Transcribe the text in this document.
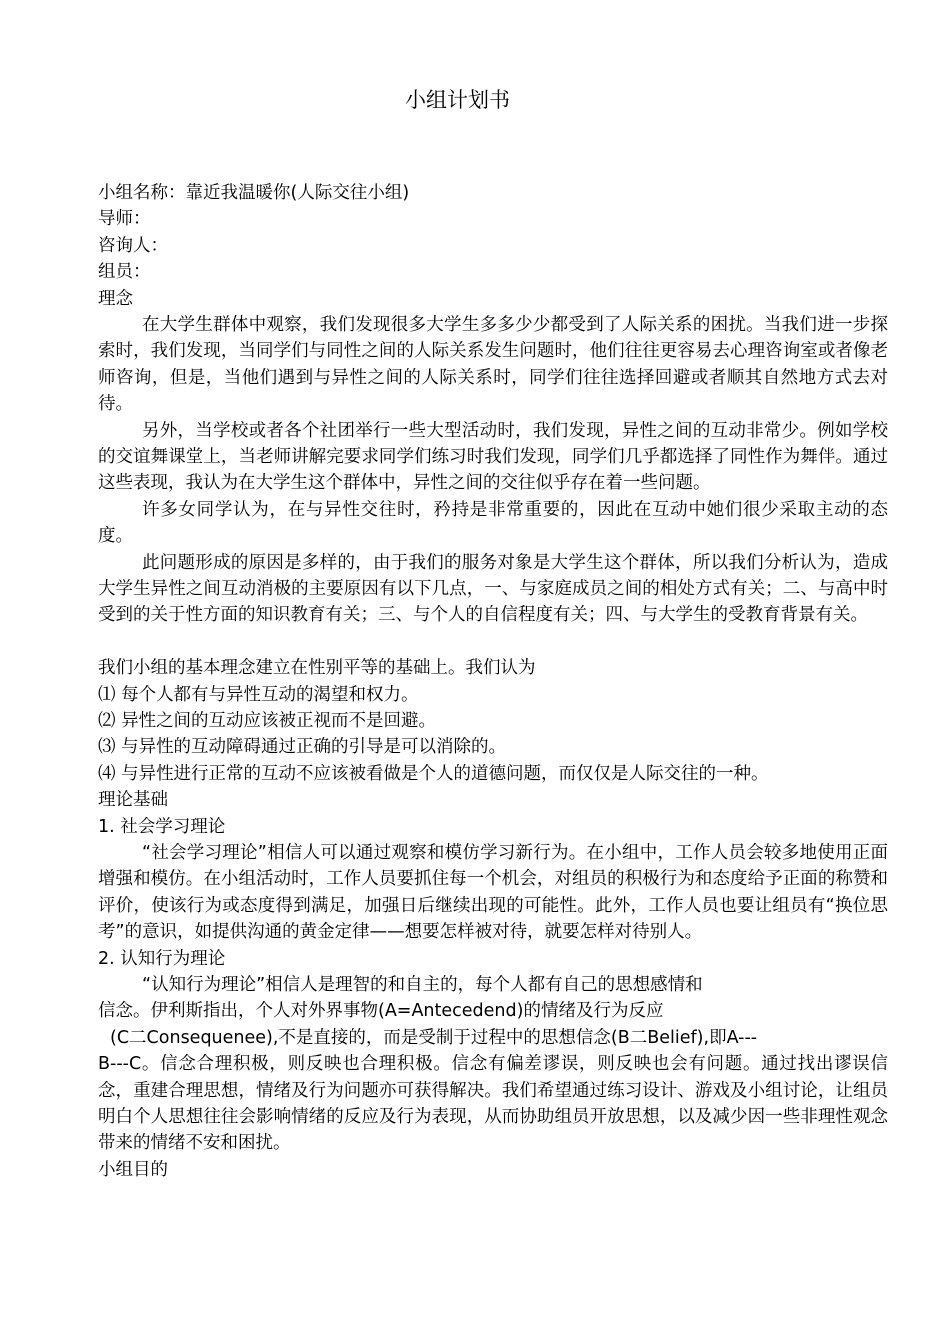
小组计划书
小组名称：靠近我温暖你(人际交往小组)
导师：
咨询人：
组员：
理念
在大学生群体中观察，我们发现很多大学生多多少少都受到了人际关系的困扰。当我们进一步探索时，我们发现，当同学们与同性之间的人际关系发生问题时，他们往往更容易去心理咨询室或者像老师咨询，但是，当他们遇到与异性之间的人际关系时，同学们往往选择回避或者顺其自然地方式去对待。
另外，当学校或者各个社团举行一些大型活动时，我们发现，异性之间的互动非常少。例如学校的交谊舞课堂上，当老师讲解完要求同学们练习时我们发现，同学们几乎都选择了同性作为舞伴。通过这些表现，我认为在大学生这个群体中，异性之间的交往似乎存在着一些问题。
许多女同学认为，在与异性交往时，矜持是非常重要的，因此在互动中她们很少采取主动的态度。
此问题形成的原因是多样的，由于我们的服务对象是大学生这个群体，所以我们分析认为，造成大学生异性之间互动消极的主要原因有以下几点，一、与家庭成员之间的相处方式有关；二、与高中时受到的关于性方面的知识教育有关；三、与个人的自信程度有关；四、与大学生的受教育背景有关。
我们小组的基本理念建立在性别平等的基础上。我们认为
⑴ 每个人都有与异性互动的渴望和权力。
⑵ 异性之间的互动应该被正视而不是回避。
⑶ 与异性的互动障碍通过正确的引导是可以消除的。
⑷ 与异性进行正常的互动不应该被看做是个人的道德问题，而仅仅是人际交往的一种。
理论基础
1. 社会学习理论
“社会学习理论”相信人可以通过观察和模仿学习新行为。在小组中，工作人员会较多地使用正面增强和模仿。在小组活动时，工作人员要抓住每一个机会，对组员的积极行为和态度给予正面的称赞和评价，使该行为或态度得到满足，加强日后继续出现的可能性。此外，工作人员也要让组员有“换位思考”的意识，如提供沟通的黄金定律——想要怎样被对待，就要怎样对待别人。
2. 认知行为理论
“认知行为理论”相信人是理智的和自主的，每个人都有自己的思想感情和
信念。伊利斯指出，个人对外界事物(A=Antecedend)的情绪及行为反应
(C二Consequenee),不是直接的，而是受制于过程中的思想信念(B二Belief),即A---
B---C。信念合理积极，则反映也合理积极。信念有偏差谬误，则反映也会有问题。通过找出谬误信念，重建合理思想，情绪及行为问题亦可获得解决。我们希望通过练习设计、游戏及小组讨论，让组员明白个人思想往往会影响情绪的反应及行为表现，从而协助组员开放思想，以及减少因一些非理性观念带来的情绪不安和困扰。
小组目的
